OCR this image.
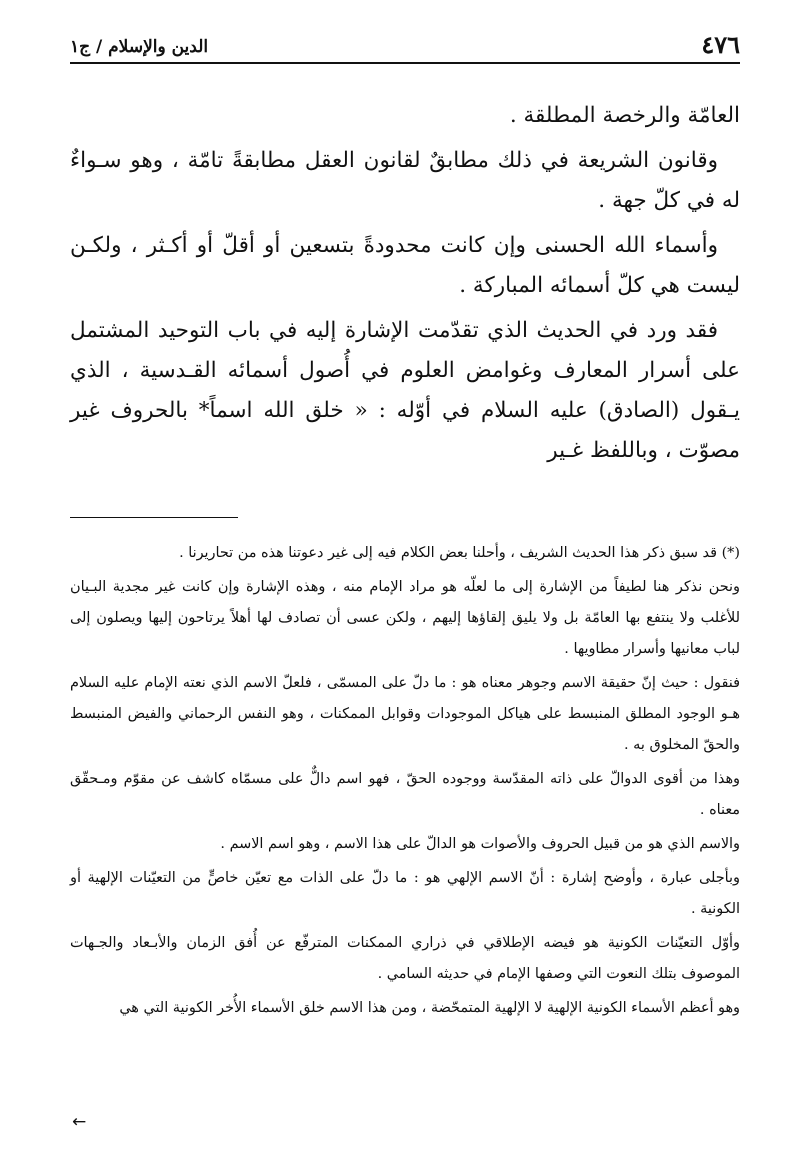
٤٧٦
الدين والإسلام / ج١

العامّة والرخصة المطلقة .

وقانون الشريعة في ذلك مطابقٌ لقانون العقل مطابقةً تامّة ، وهو سـواءٌ له في كلّ جهة .

وأسماء الله الحسنى وإن كانت محدودةً بتسعين أو أقلّ أو أكـثر ، ولكـن ليست هي كلّ أسمائه المباركة .

فقد ورد في الحديث الذي تقدّمت الإشارة إليه في باب التوحيد المشتمل على أسرار المعارف وغوامض العلوم في أُصول أسمائه القـدسية ، الذي يـقول (الصادق) عليه السلام في أوّله : « خلق الله اسماً* بالحروف غير مصوّت ، وباللفظ غـير

(*) قد سبق ذكر هذا الحديث الشريف ، وأحلنا بعض الكلام فيه إلى غير دعوتنا هذه من تحاريرنا .

ونحن نذكر هنا لطيفاً من الإشارة إلى ما لعلّه هو مراد الإمام منه ، وهذه الإشارة وإن كانت غير مجدية البـيان للأغلب ولا ينتفع بها العامّة بل ولا يليق إلقاؤها إليهم ، ولكن عسى أن تصادف لها أهلاً يرتاحون إليها ويصلون إلى لباب معانيها وأسرار مطاويها .

فنقول : حيث إنّ حقيقة الاسم وجوهر معناه هو : ما دلّ على المسمّى ، فلعلّ الاسم الذي نعته الإمام عليه السلام هـو الوجود المطلق المنبسط على هياكل الموجودات وقوابل الممكنات ، وهو النفس الرحماني والفيض المنبسط والحقّ المخلوق به .

وهذا من أقوى الدوالّ على ذاته المقدّسة ووجوده الحقّ ، فهو اسم دالٌّ على مسمّاه كاشف عن مقوّم ومـحقّق معناه .

والاسم الذي هو من قبيل الحروف والأصوات هو الدالّ على هذا الاسم ، وهو اسم الاسم .

وبأجلى عبارة ، وأوضح إشارة : أنّ الاسم الإلهي هو : ما دلّ على الذات مع تعيّن خاصٍّ من التعيّنات الإلهية أو الكونية .

وأوّل التعيّنات الكونية هو فيضه الإطلاقي في ذراري الممكنات المترفّع عن أُفق الزمان والأبـعاد والجـهات الموصوف بتلك النعوت التي وصفها الإمام في حديثه السامي .

وهو أعظم الأسماء الكونية الإلهية لا الإلهية المتمحّضة ، ومن هذا الاسم خلق الأسماء الأُخر الكونية التي هي

←
